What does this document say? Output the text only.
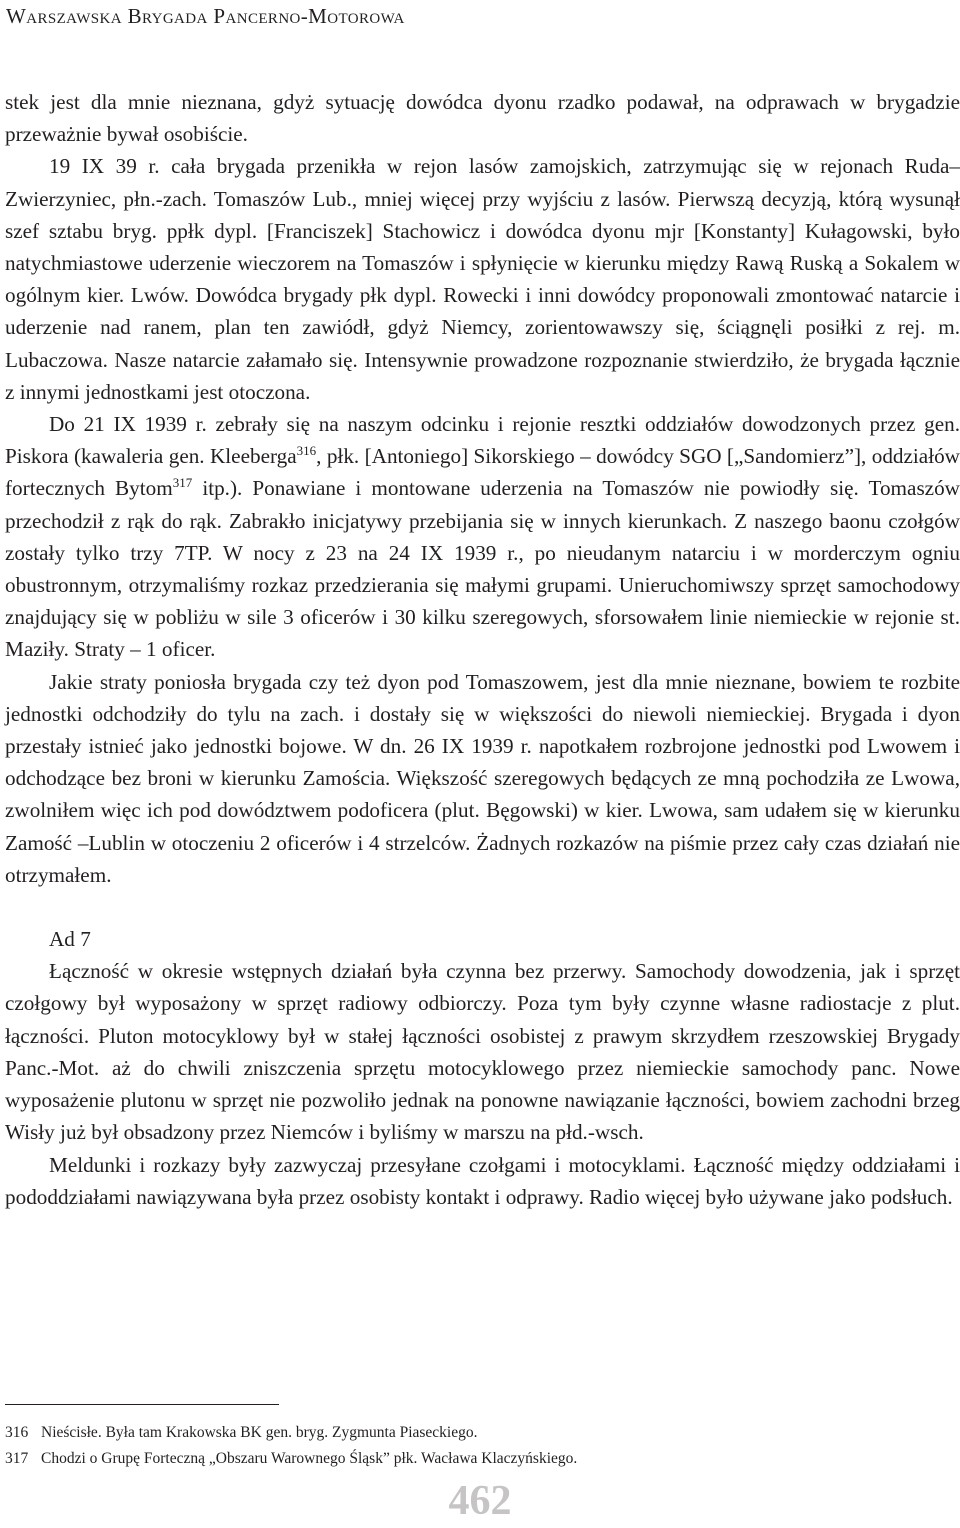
Warszawska Brygada Pancerno-Motorowa

stek jest dla mnie nieznana, gdyż sytuację dowódca dyonu rzadko podawał, na odprawach w brygadzie przeważnie bywał osobiście.

19 IX 39 r. cała brygada przenikła w rejon lasów zamojskich, zatrzymując się w rejonach Ruda–Zwierzyniec, płn.-zach. Tomaszów Lub., mniej więcej przy wyjściu z lasów. Pierwszą decyzją, którą wysunął szef sztabu bryg. ppłk dypl. [Franciszek] Stachowicz i dowódca dyonu mjr [Konstanty] Kułagowski, było natychmiastowe uderzenie wieczorem na Tomaszów i spłynięcie w kierunku między Rawą Ruską a Sokalem w ogólnym kier. Lwów. Dowódca brygady płk dypl. Rowecki i inni dowódcy proponowali zmontować natarcie i uderzenie nad ranem, plan ten zawiódł, gdyż Niemcy, zorientowawszy się, ściągnęli posiłki z rej. m. Lubaczowa. Nasze natarcie załamało się. Intensywnie prowadzone rozpoznanie stwierdziło, że brygada łącznie z innymi jednostkami jest otoczona.

Do 21 IX 1939 r. zebrały się na naszym odcinku i rejonie resztki oddziałów dowodzonych przez gen. Piskora (kawaleria gen. Kleeberga$^{316}$, płk. [Antoniego] Sikorskiego – dowódcy SGO [„Sandomierz”], oddziałów fortecznych Bytom$^{317}$ itp.). Ponawiane i montowane uderzenia na Tomaszów nie powiodły się. Tomaszów przechodził z rąk do rąk. Zabrakło inicjatywy przebijania się w innych kierunkach. Z naszego baonu czołgów zostały tylko trzy 7TP. W nocy z 23 na 24 IX 1939 r., po nieudanym natarciu i w morderczym ogniu obustronnym, otrzymaliśmy rozkaz przedzierania się małymi grupami. Unieruchomiwszy sprzęt samochodowy znajdujący się w pobliżu w sile 3 oficerów i 30 kilku szeregowych, sforsowałem linie niemieckie w rejonie st. Maziły. Straty – 1 oficer.

Jakie straty poniosła brygada czy też dyon pod Tomaszowem, jest dla mnie nieznane, bowiem te rozbite jednostki odchodziły do tylu na zach. i dostały się w większości do niewoli niemieckiej. Brygada i dyon przestały istnieć jako jednostki bojowe. W dn. 26 IX 1939 r. napotkałem rozbrojone jednostki pod Lwowem i odchodzące bez broni w kierunku Zamościa. Większość szeregowych będących ze mną pochodziła ze Lwowa, zwolniłem więc ich pod dowództwem podoficera (plut. Bęgowski) w kier. Lwowa, sam udałem się w kierunku Zamość –Lublin w otoczeniu 2 oficerów i 4 strzelców. Żadnych rozkazów na piśmie przez cały czas działań nie otrzymałem.

Ad 7

Łączność w okresie wstępnych działań była czynna bez przerwy. Samochody dowodzenia, jak i sprzęt czołgowy był wyposażony w sprzęt radiowy odbiorczy. Poza tym były czynne własne radiostacje z plut. łączności. Pluton motocyklowy był w stałej łączności osobistej z prawym skrzydłem rzeszowskiej Brygady Panc.-Mot. aż do chwili zniszczenia sprzętu motocyklowego przez niemieckie samochody panc. Nowe wyposażenie plutonu w sprzęt nie pozwoliło jednak na ponowne nawiązanie łączności, bowiem zachodni brzeg Wisły już był obsadzony przez Niemców i byliśmy w marszu na płd.-wsch.

Meldunki i rozkazy były zazwyczaj przesyłane czołgami i motocyklami. Łączność między oddziałami i pododdziałami nawiązywana była przez osobisty kontakt i odprawy. Radio więcej było używane jako podsłuch.

316 Nieścisłe. Była tam Krakowska BK gen. bryg. Zygmunta Piaseckiego.
317 Chodzi o Grupę Forteczną „Obszaru Warownego Śląsk” płk. Wacława Klaczyńskiego.
462
